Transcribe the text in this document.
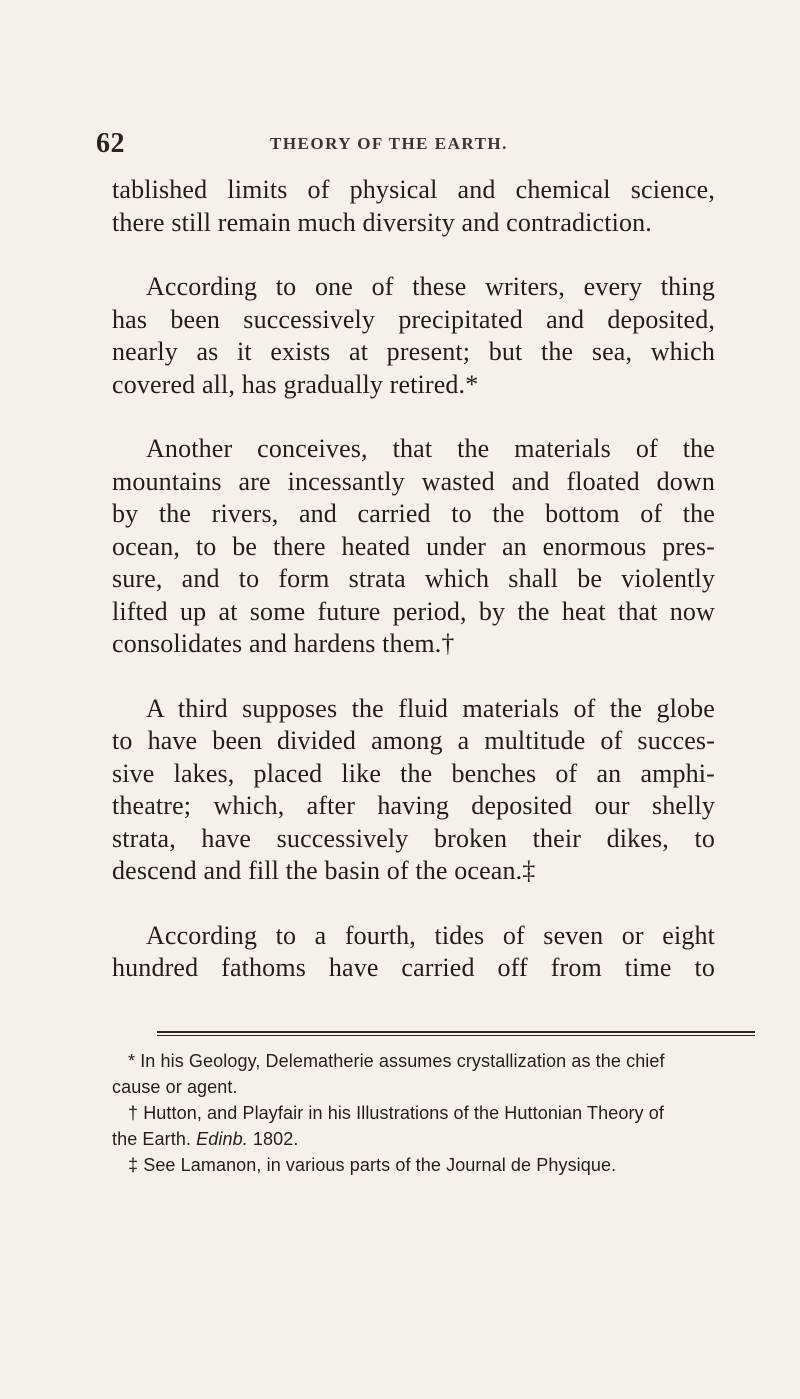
62	THEORY OF THE EARTH.
tablished limits of physical and chemical science,
there still remain much diversity and contradiction.
According to one of these writers, every thing
has been successively precipitated and deposited,
nearly as it exists at present; but the sea, which
covered all, has gradually retired.*
Another conceives, that the materials of the
mountains are incessantly wasted and floated down
by the rivers, and carried to the bottom of the
ocean, to be there heated under an enormous pres-
sure, and to form strata which shall be violently
lifted up at some future period, by the heat that now
consolidates and hardens them.†
A third supposes the fluid materials of the globe
to have been divided among a multitude of succes-
sive lakes, placed like the benches of an amphi-
theatre; which, after having deposited our shelly
strata, have successively broken their dikes, to
descend and fill the basin of the ocean.‡
According to a fourth, tides of seven or eight
hundred fathoms have carried off from time to
* In his Geology, Delematherie assumes crystallization as the chief
cause or agent.
† Hutton, and Playfair in his Illustrations of the Huttonian Theory of
the Earth. Edinb. 1802.
‡ See Lamanon, in various parts of the Journal de Physique.
